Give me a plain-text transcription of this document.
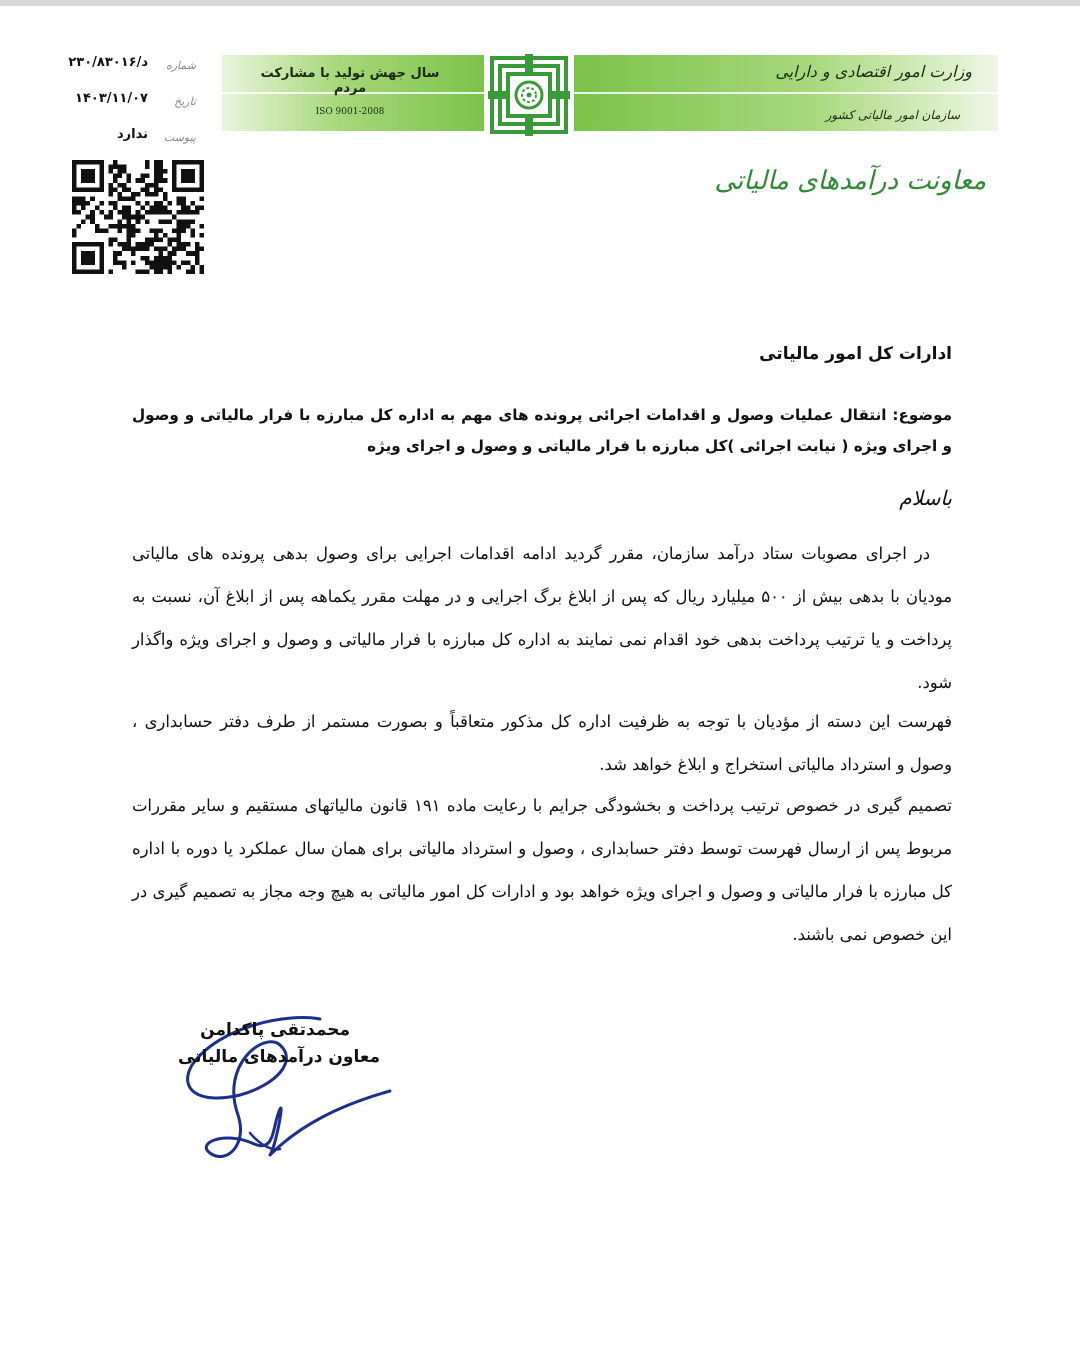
سال جهش تولید با مشارکت مردم
ISO 9001-2008
وزارت امور اقتصادی و دارایی
سازمان امور مالیاتی کشور
معاونت درآمدهای مالیاتی
شماره
د/۲۳۰/۸۳۰۱۶
تاریخ
۱۴۰۳/۱۱/۰۷
پیوست
ندارد
ادارات کل امور مالیاتی
موضوع: انتقال عملیات وصول و اقدامات اجرائی پرونده های مهم به اداره کل مبارزه با فرار مالیاتی و وصول و اجرای ویژه ( نیابت اجرائی )کل مبارزه با فرار مالیاتی و وصول و اجرای ویژه
باسلام
در اجرای مصوبات ستاد درآمد سازمان، مقرر گردید ادامه اقدامات اجرایی برای وصول بدهی پرونده های مالیاتی مودیان با بدهی بیش از ۵۰۰ میلیارد ریال که پس از ابلاغ برگ اجرایی و در مهلت مقرر یکماهه پس از ابلاغ آن، نسبت به پرداخت و یا ترتیب پرداخت بدهی خود اقدام نمی نمایند به اداره کل مبارزه با فرار مالیاتی و وصول و اجرای ویژه واگذار شود.
فهرست این دسته از مؤدیان با توجه به ظرفیت اداره کل مذکور متعاقباً و بصورت مستمر از طرف دفتر حسابداری ، وصول و استرداد مالیاتی استخراج و ابلاغ خواهد شد.
تصمیم گیری در خصوص ترتیب پرداخت و بخشودگی جرایم با رعایت ماده ۱۹۱ قانون مالیاتهای مستقیم و سایر مقررات مربوط پس از ارسال فهرست توسط دفتر حسابداری ، وصول و استرداد مالیاتی برای همان سال عملکرد یا دوره با اداره کل مبارزه با فرار مالیاتی و وصول و اجرای ویژه خواهد بود و ادارات کل امور مالیاتی به هیچ وجه مجاز به تصمیم گیری در این خصوص نمی باشند.
محمدتقی پاکدامن
معاون درآمدهای مالیاتی
